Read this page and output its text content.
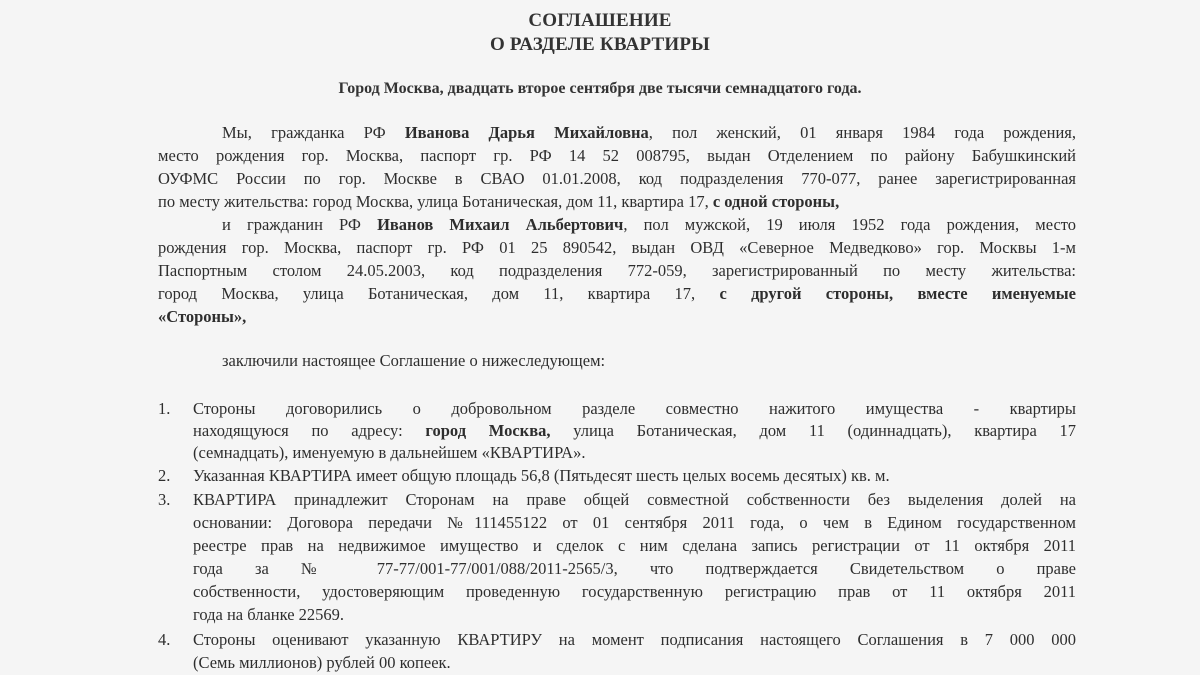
СОГЛАШЕНИЕ
О РАЗДЕЛЕ КВАРТИРЫ
Город Москва, двадцать второе сентября две тысячи семнадцатого года.
Мы, гражданка РФ Иванова Дарья Михайловна, пол женский, 01 января 1984 года рождения,
место рождения гор. Москва, паспорт гр. РФ 14 52 008795, выдан Отделением по району Бабушкинский
ОУФМС России по гор. Москве в СВАО 01.01.2008, код подразделения 770-077, ранее зарегистрированная
по месту жительства: город Москва, улица Ботаническая, дом 11, квартира 17, с одной стороны,
и гражданин РФ Иванов Михаил Альбертович, пол мужской, 19 июля 1952 года рождения, место
рождения гор. Москва, паспорт гр. РФ 01 25 890542, выдан ОВД «Северное Медведково» гор. Москвы 1-м
Паспортным столом 24.05.2003, код подразделения 772-059, зарегистрированный по месту жительства:
город Москва, улица Ботаническая, дом 11, квартира 17, с другой стороны, вместе именуемые
«Стороны»,
заключили настоящее Соглашение о нижеследующем:
1. Стороны договорились о добровольном разделе совместно нажитого имущества - квартиры
находящуюся по адресу: город Москва, улица Ботаническая, дом 11 (одиннадцать), квартира 17
(семнадцать), именуемую в дальнейшем «КВАРТИРА».
2. Указанная КВАРТИРА имеет общую площадь 56,8 (Пятьдесят шесть целых восемь десятых) кв. м.
3. КВАРТИРА принадлежит Сторонам на праве общей совместной собственности без выделения долей на
основании: Договора передачи №111455122 от 01 сентября 2011 года, о чем в Едином государственном
реестре прав на недвижимое имущество и сделок с ним сделана запись регистрации от 11 октября 2011
года за № 77-77/001-77/001/088/2011-2565/3, что подтверждается Свидетельством о праве
собственности, удостоверяющим проведенную государственную регистрацию прав от 11 октября 2011
года на бланке 22569.
4. Стороны оценивают указанную КВАРТИРУ на момент подписания настоящего Соглашения в 7 000 000
(Семь миллионов) рублей 00 копеек.
